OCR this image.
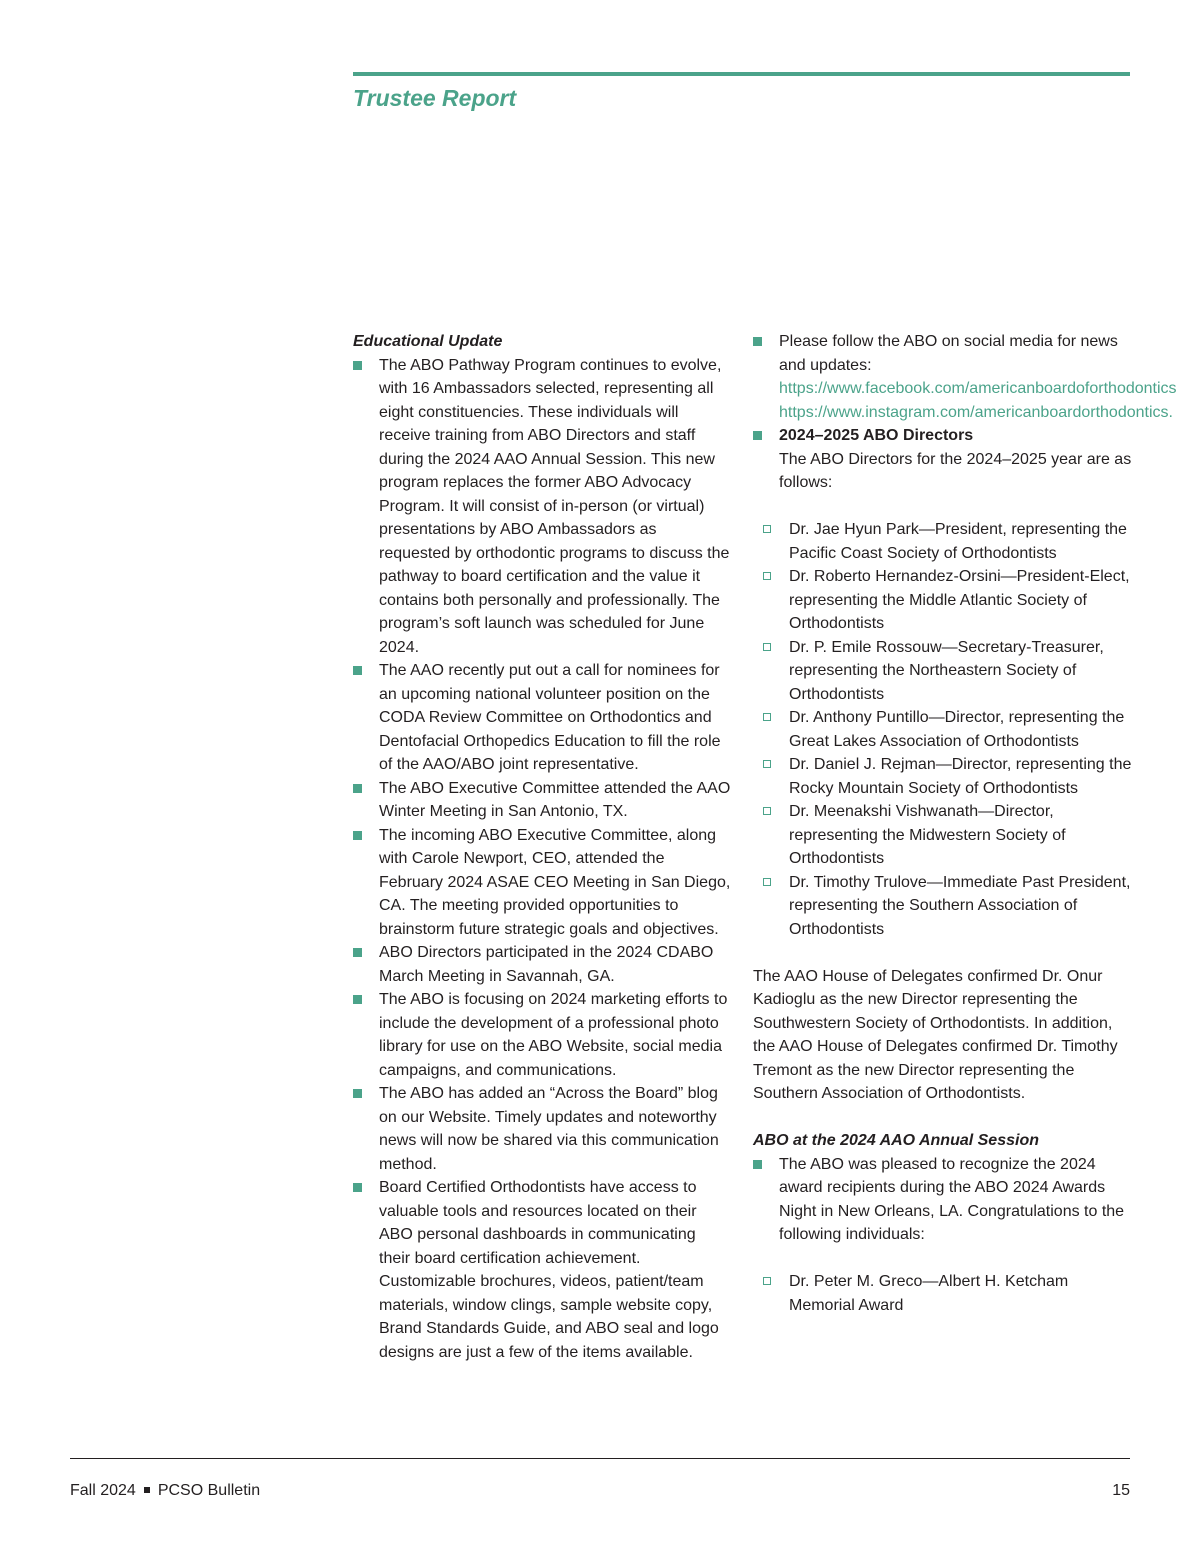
Trustee Report

Educational Update

The ABO Pathway Program continues to evolve, with 16 Ambassadors selected, representing all eight constituencies. These individuals will receive training from ABO Directors and staff during the 2024 AAO Annual Session. This new program replaces the former ABO Advocacy Program. It will consist of in-person (or virtual) presentations by ABO Ambassadors as requested by orthodontic programs to discuss the pathway to board certification and the value it contains both personally and professionally. The program’s soft launch was scheduled for June 2024.
The AAO recently put out a call for nominees for an upcoming national volunteer position on the CODA Review Committee on Orthodontics and Dentofacial Orthopedics Education to fill the role of the AAO/ABO joint representative.
The ABO Executive Committee attended the AAO Winter Meeting in San Antonio, TX.
The incoming ABO Executive Committee, along with Carole Newport, CEO, attended the February 2024 ASAE CEO Meeting in San Diego, CA. The meeting provided opportunities to brainstorm future strategic goals and objectives.
ABO Directors participated in the 2024 CDABO March Meeting in Savannah, GA.
The ABO is focusing on 2024 marketing efforts to include the development of a professional photo library for use on the ABO Website, social media campaigns, and communications.
The ABO has added an “Across the Board” blog on our Website. Timely updates and noteworthy news will now be shared via this communication method.
Board Certified Orthodontists have access to valuable tools and resources located on their ABO personal dashboards in communicating their board certification achievement. Customizable brochures, videos, patient/team materials, window clings, sample website copy, Brand Standards Guide, and ABO seal and logo designs are just a few of the items available.
Please follow the ABO on social media for news and updates:
https://www.facebook.com/americanboardoforthodontics
https://www.instagram.com/americanboardorthodontics.
2024–2025 ABO Directors
The ABO Directors for the 2024–2025 year are as follows:
Dr. Jae Hyun Park—President, representing the Pacific Coast Society of Orthodontists
Dr. Roberto Hernandez-Orsini—President-Elect, representing the Middle Atlantic Society of Orthodontists
Dr. P. Emile Rossouw—Secretary-Treasurer, representing the Northeastern Society of Orthodontists
Dr. Anthony Puntillo—Director, representing the Great Lakes Association of Orthodontists
Dr. Daniel J. Rejman—Director, representing the Rocky Mountain Society of Orthodontists
Dr. Meenakshi Vishwanath—Director, representing the Midwestern Society of Orthodontists
Dr. Timothy Trulove—Immediate Past President, representing the Southern Association of Orthodontists

The AAO House of Delegates confirmed Dr. Onur Kadioglu as the new Director representing the Southwestern Society of Orthodontists. In addition, the AAO House of Delegates confirmed Dr. Timothy Tremont as the new Director representing the Southern Association of Orthodontists.

ABO at the 2024 AAO Annual Session

The ABO was pleased to recognize the 2024 award recipients during the ABO 2024 Awards Night in New Orleans, LA. Congratulations to the following individuals:
Dr. Peter M. Greco—Albert H. Ketcham Memorial Award
Fall 2024 PCSO Bulletin	15
